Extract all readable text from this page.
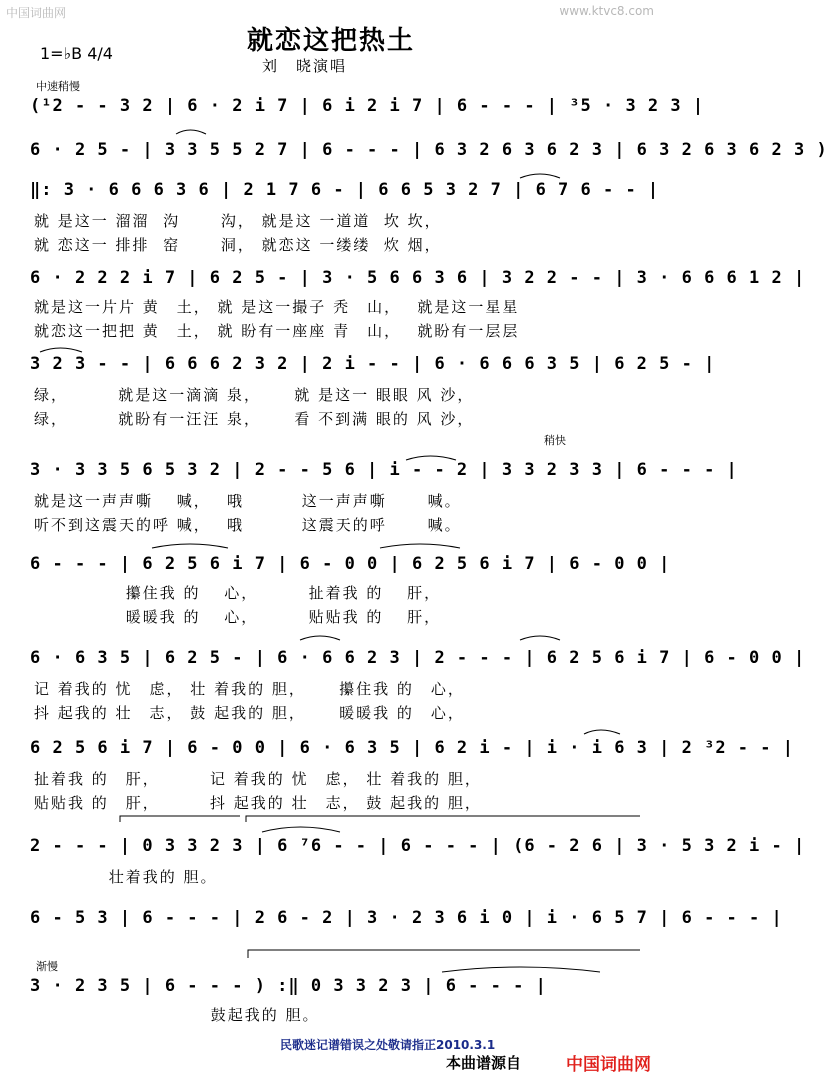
中国词曲网	www.ktvc8.com
就恋这把热土
1=♭B 4/4
刘　晓演唱
中速稍慢
(¹2 - - 3 2 | 6 · 2 i 7 | 6 i 2 i 7 | 6 - - - | ³5 · 3 2 3 |
6 · 2 5 - | 3 3 5 5 2 7 | 6 - - - | 6 3 2 6 3 6 2 3 | 6 3 2 6 3 6 2 3 )
‖: 3 · 6 6 6 3 6 | 2 1 7 6 - | 6 6 5 3 2 7 | 6 7 6 - - |
就 是这一 溜溜  沟　　 沟， 就是这 一道道  坎 坎，
就 恋这一 排排  窑　　 洞， 就恋这 一缕缕  炊 烟，
6 · 2 2 2 i 7 | 6 2 5 - | 3 · 5 6 6 3 6 | 3 2 2 - - | 3 · 6 6 6 1 2 |
就是这一片片 黄　土， 就 是这一撮子 秃　山，　 就是这一星星
就恋这一把把 黄　土， 就 盼有一座座 青　山，　 就盼有一层层
3 2 3 - - | 6 6 6 2 3 2 | 2 i - - | 6 · 6 6 6 3 5 | 6 2 5 - |
绿，　　　 就是这一滴滴 泉，　　 就 是这一 眼眼 风 沙，
绿，　　　 就盼有一汪汪 泉，　　 看 不到满 眼的 风 沙，
稍快
3 · 3 3 5 6 5 3 2 | 2 - - 5 6 | i - - 2 | 3 3 2 3 3 | 6 - - - |
就是这一声声嘶　 喊，　 哦　　　 这一声声嘶　　 喊。
听不到这震天的呼 喊，　 哦　　　 这震天的呼　　 喊。
6 - - - | 6 2 5 6 i 7 | 6 - 0 0 | 6 2 5 6 i 7 | 6 - 0 0 |
　　　　　 攥住我 的　 心，　　　 扯着我 的　 肝，
　　　　　 暖暖我 的　 心，　　　 贴贴我 的　 肝，
6 · 6 3 5 | 6 2 5 - | 6 · 6 6 2 3 | 2 - - - | 6 2 5 6 i 7 | 6 - 0 0 |
记 着我的 忧　虑， 壮 着我的 胆，　　 攥住我 的　心，
抖 起我的 壮　志， 鼓 起我的 胆，　　 暖暖我 的　心，
6 2 5 6 i 7 | 6 - 0 0 | 6 · 6 3 5 | 6 2 i - | i · i 6 3 | 2 ³2 - - |
扯着我 的　肝，　　　 记 着我的 忧　虑， 壮 着我的 胆，
贴贴我 的　肝，　　　 抖 起我的 壮　志， 鼓 起我的 胆，
2 - - - | 0 3 3 2 3 | 6 ⁷6 - - | 6 - - - | (6 - 2 6 | 3 · 5 3 2 i - |
　　　　 壮着我的 胆。
6 - 5 3 | 6 - - - | 2 6 - 2 | 3 · 2 3 6 i 0 | i · 6 5 7 | 6 - - - |
渐慢
3 · 2 3 5 | 6 - - - ) :‖ 0 3 3 2 3 | 6 - - - |
　　　　　　　　　　 鼓起我的 胆。
民歌迷记谱错误之处敬请指正2010.3.1
本曲谱源自	中国词曲网
